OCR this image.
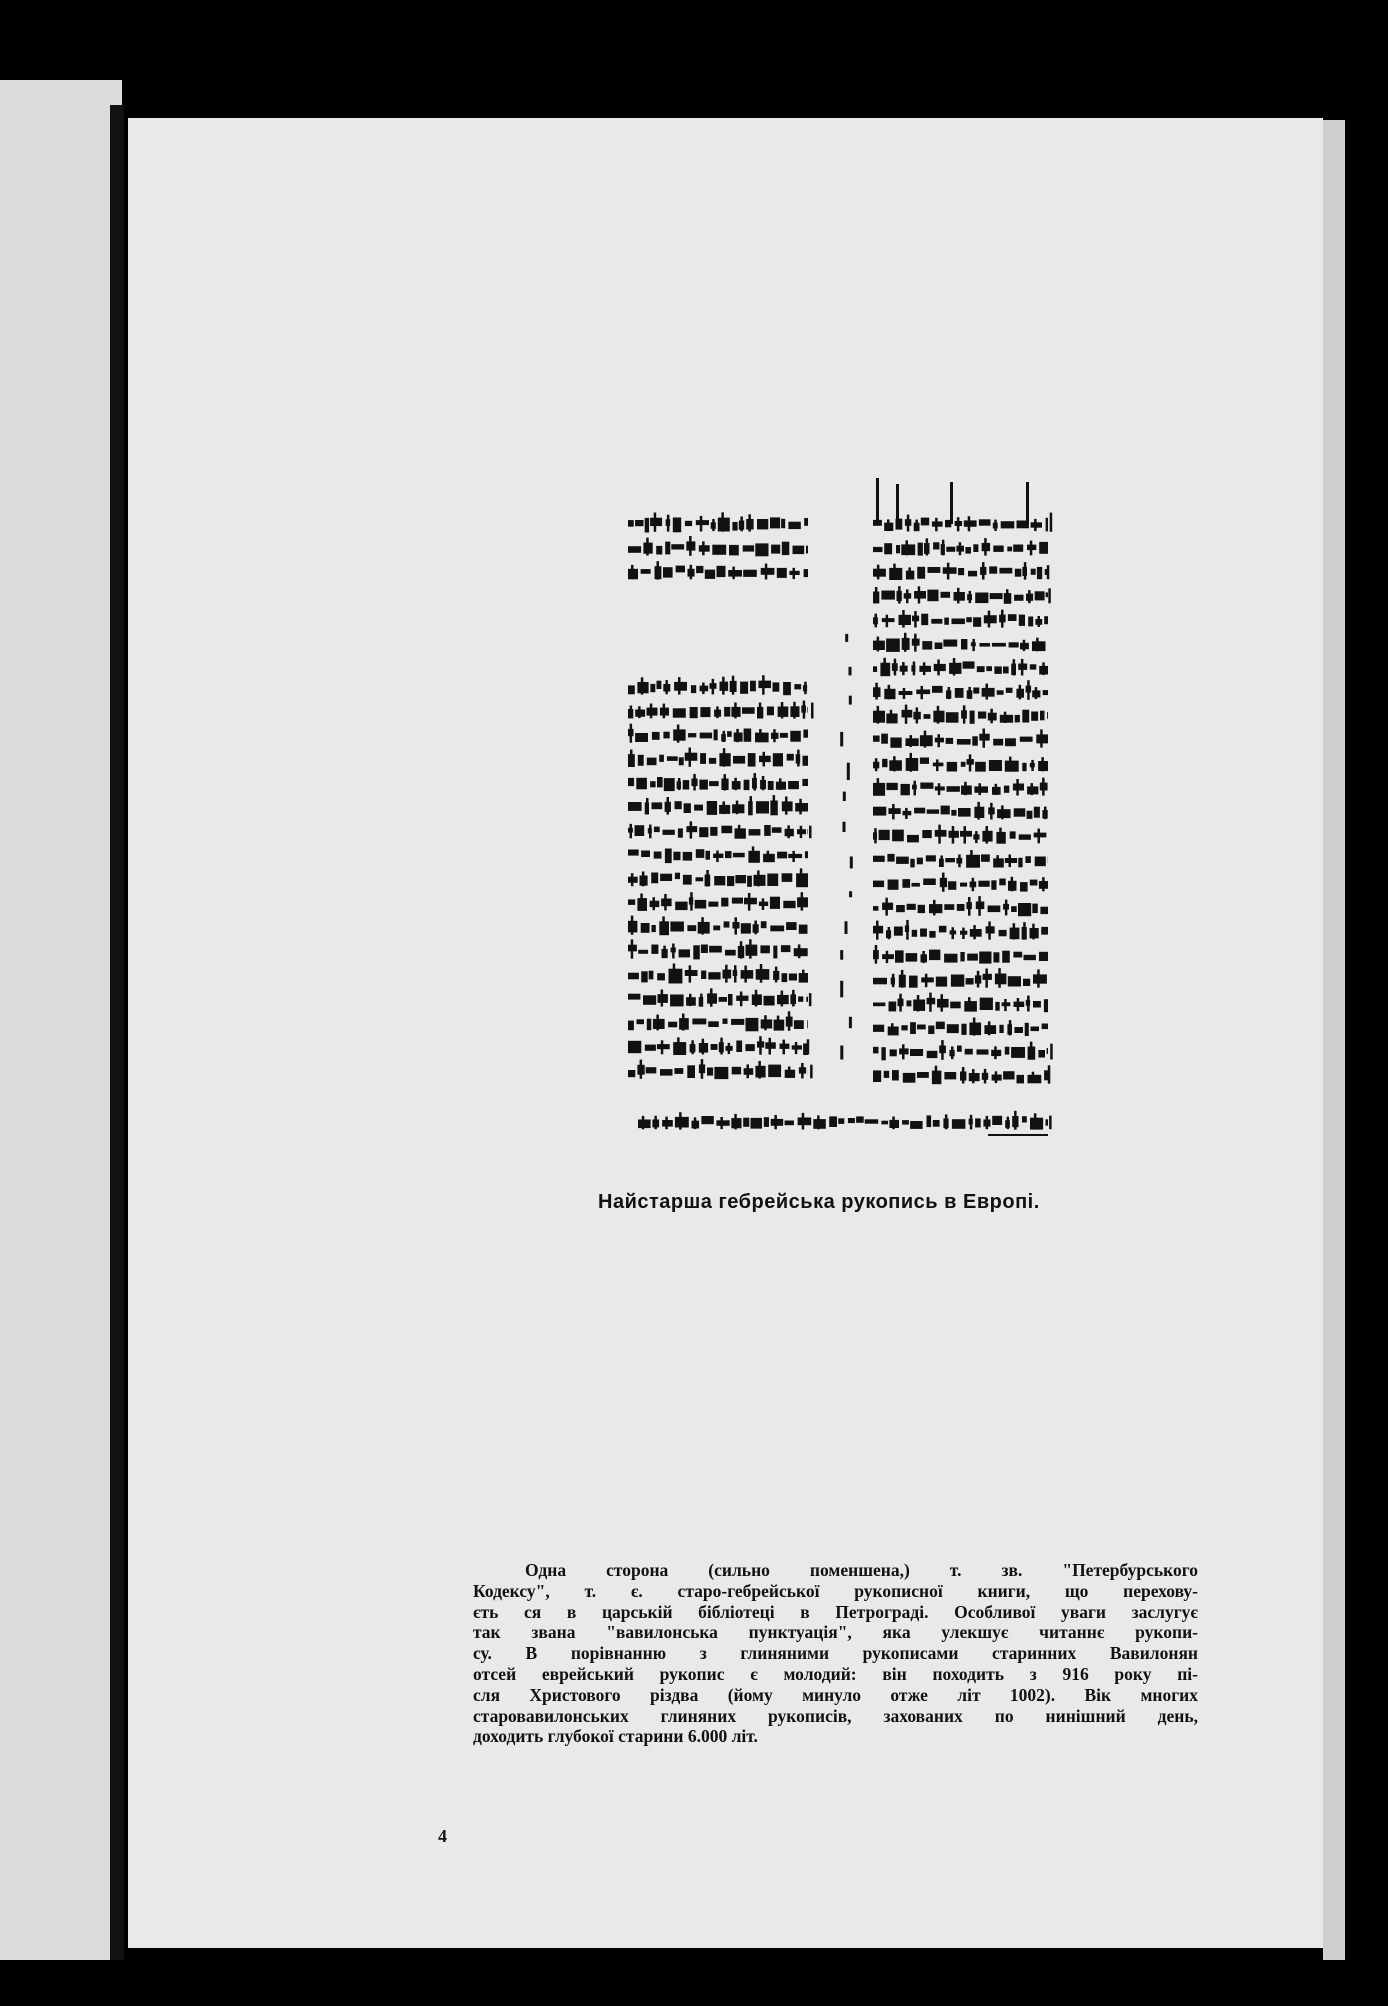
Найстарша гебрейська рукопись в Европі.
Одна сторона (сильно поменшена,) т. зв. "Петербурського
Кодексу", т. є. старо-гебрейської рукописної книги, що перехову-
єть ся в царській бібліотеці в Петрограді. Особливої уваги заслугує
так звана "вавилонська пунктуація", яка улекшує читаннє рукопи-
су. В порівнанню з глиняними рукописами старинних Вавилонян
отсей еврейський рукопис є молодий: він походить з 916 року пі-
сля Христового різдва (йому минуло отже літ 1002). Вік многих
старовавилонських глиняних рукописів, захованих по нинішний день,
доходить глубокої старини 6.000 літ.
4
